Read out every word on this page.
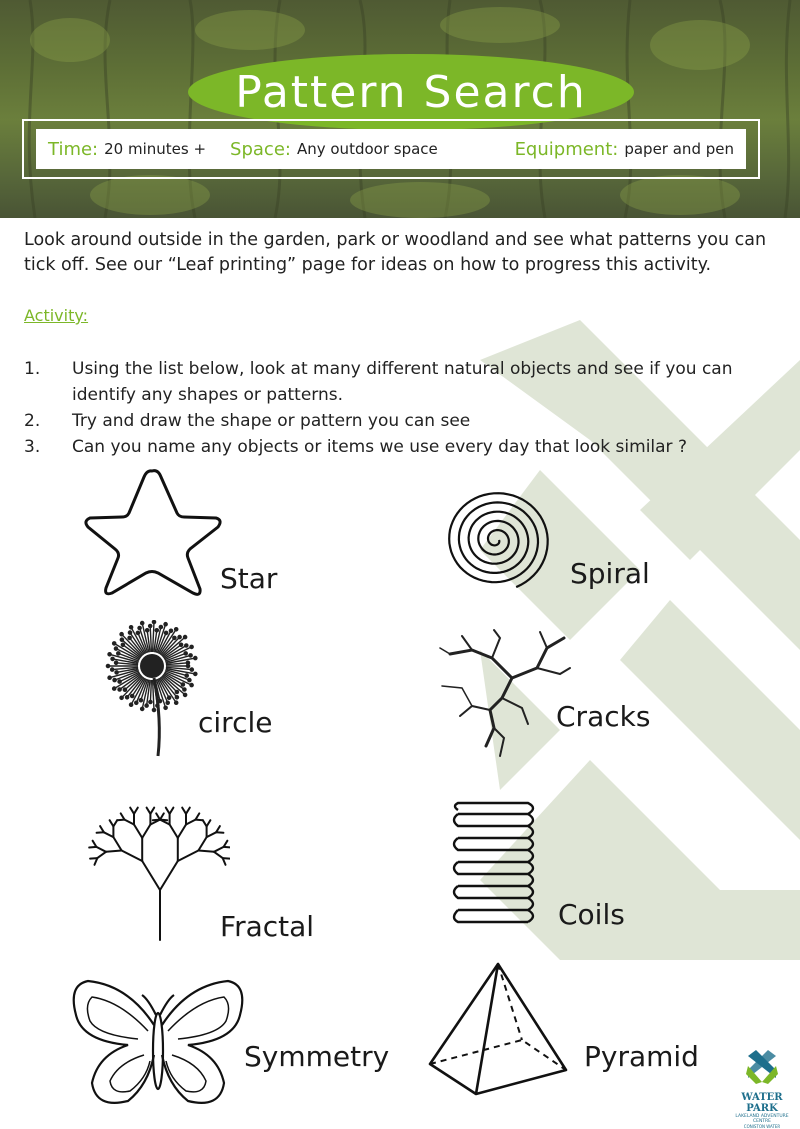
Pattern Search
Time: 20 minutes + Space: Any outdoor space	Equipment: paper and pen
Look around outside in the garden, park or woodland and see what patterns you can tick off. See our “Leaf printing” page for ideas on how to progress this activity.
Activity:
1.	Using the list below, look at many different natural objects and see if you can identify any shapes or patterns.
2.	Try and draw the shape or pattern you can see
3.	Can you name any objects or items we use every day that look similar ?
Star	Spiral
circle	Cracks
Fractal	Coils
Symmetry	Pyramid
WATER PARK
LAKELAND ADVENTURE CENTRE
CONISTON WATER
